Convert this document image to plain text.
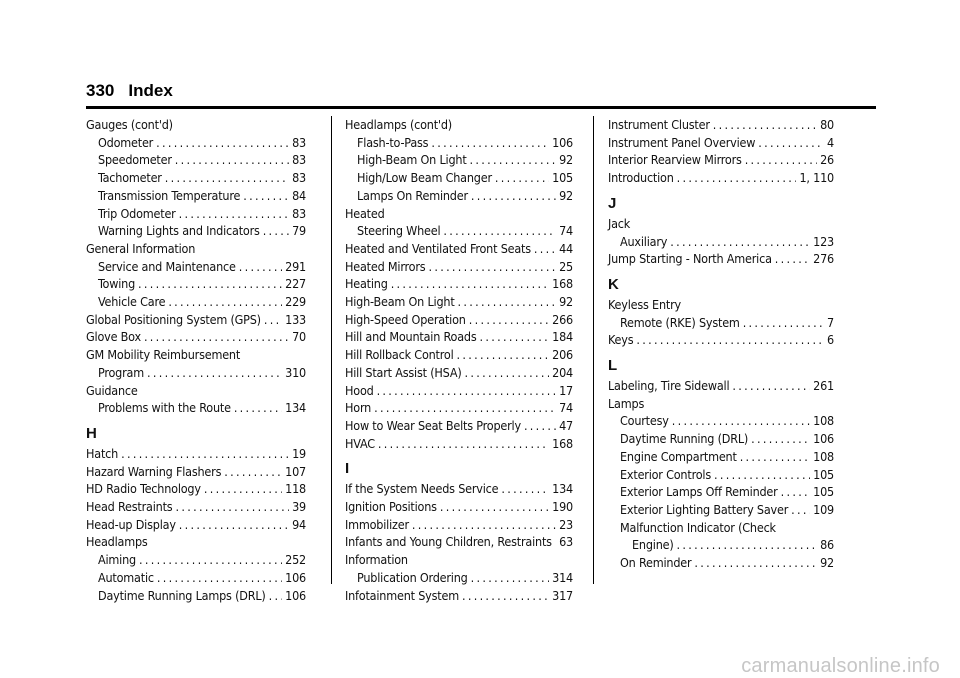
330 Index
Gauges (cont'd)
Odometer .....	83
Speedometer .....	83
Tachometer .....	83
Transmission Temperature .....	84
Trip Odometer .....	83
Warning Lights and Indicators .....	79
General Information
Service and Maintenance .....	291
Towing .....	227
Vehicle Care .....	229
Global Positioning System (GPS) ..... 133
Glove Box .....	70
GM Mobility Reimbursement
Program .....	310
Guidance
Problems with the Route .....	134
H
Hatch .....	19
Hazard Warning Flashers .....	107
HD Radio Technology .....	118
Head Restraints .....	39
Head-up Display .....	94
Headlamps
Aiming .....	252
Automatic .....	106
Daytime Running Lamps (DRL) ..... 106
Headlamps (cont'd)
Flash-to-Pass .....	106
High-Beam On Light .....	92
High/Low Beam Changer .....	105
Lamps On Reminder .....	92
Heated
Steering Wheel .....	74
Heated and Ventilated Front Seats ..... 44
Heated Mirrors .....	25
Heating .....	168
High-Beam On Light .....	92
High-Speed Operation .....	266
Hill and Mountain Roads .....	184
Hill Rollback Control .....	206
Hill Start Assist (HSA) .....	204
Hood .....	17
Horn .....	74
How to Wear Seat Belts Properly .....	47
HVAC .....	168
I
If the System Needs Service .....	134
Ignition Positions .....	190
Immobilizer .....	23
Infants and Young Children, Restraints ..... 63
Information
Publication Ordering .....	314
Infotainment System .....	317
Instrument Cluster .....	80
Instrument Panel Overview .....	4
Interior Rearview Mirrors .....	26
Introduction .....	1, 110
J
Jack
Auxiliary .....	123
Jump Starting - North America .....	276
K
Keyless Entry
Remote (RKE) System .....	7
Keys .....	6
L
Labeling, Tire Sidewall .....	261
Lamps
Courtesy .....	108
Daytime Running (DRL) .....	106
Engine Compartment .....	108
Exterior Controls .....	105
Exterior Lamps Off Reminder .....	105
Exterior Lighting Battery Saver ..... 109
Malfunction Indicator (Check
Engine) .....	86
On Reminder .....	92
carmanualsonline.info
